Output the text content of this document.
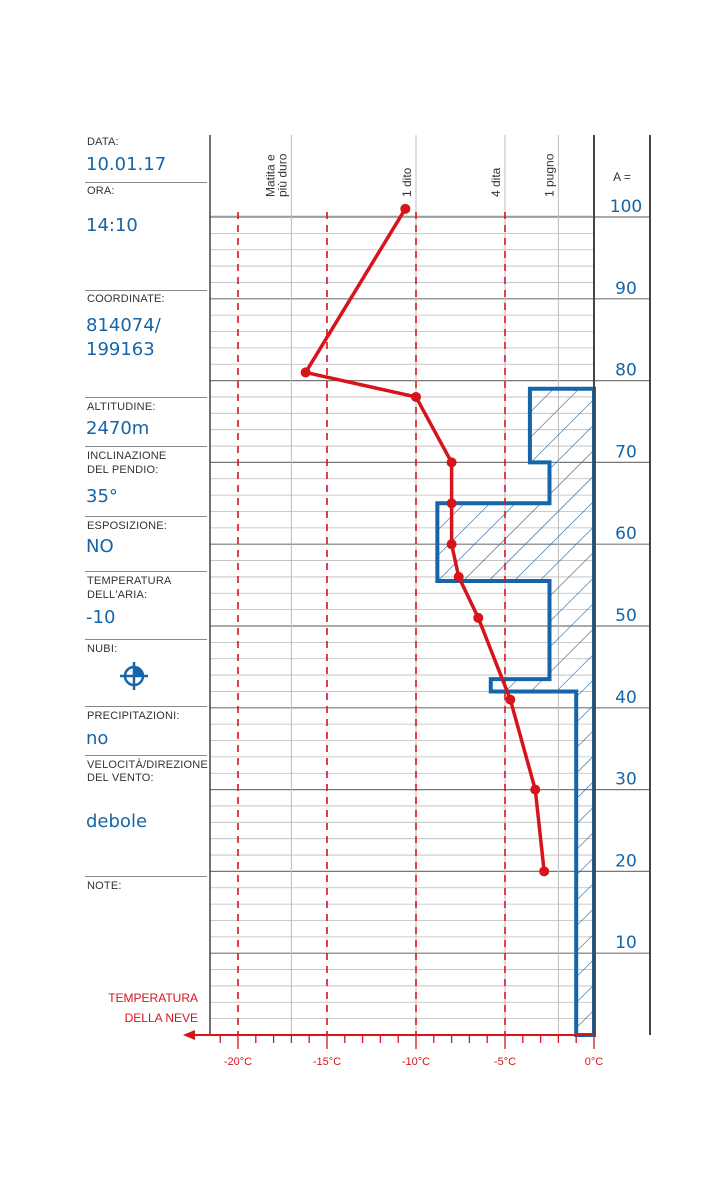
DATA:
10.01.17
ORA:
14:10
COORDINATE:
814074/
199163
ALTITUDINE:
2470m
INCLINAZIONE
DEL PENDIO:
35°
ESPOSIZIONE:
NO
TEMPERATURA
DELL'ARIA:
-10
NUBI:
PRECIPITAZIONI:
no
VELOCITÀ/DIREZIONE
DEL VENTO:
debole
NOTE:
TEMPERATURA
DELLA NEVE
10
20
30
40
50
60
70
80
90
100
A =
-20°C	-15°C	-10°C	-5°C	0°C
Matita e
più duro	1 dito	4 dita	1 pugno
